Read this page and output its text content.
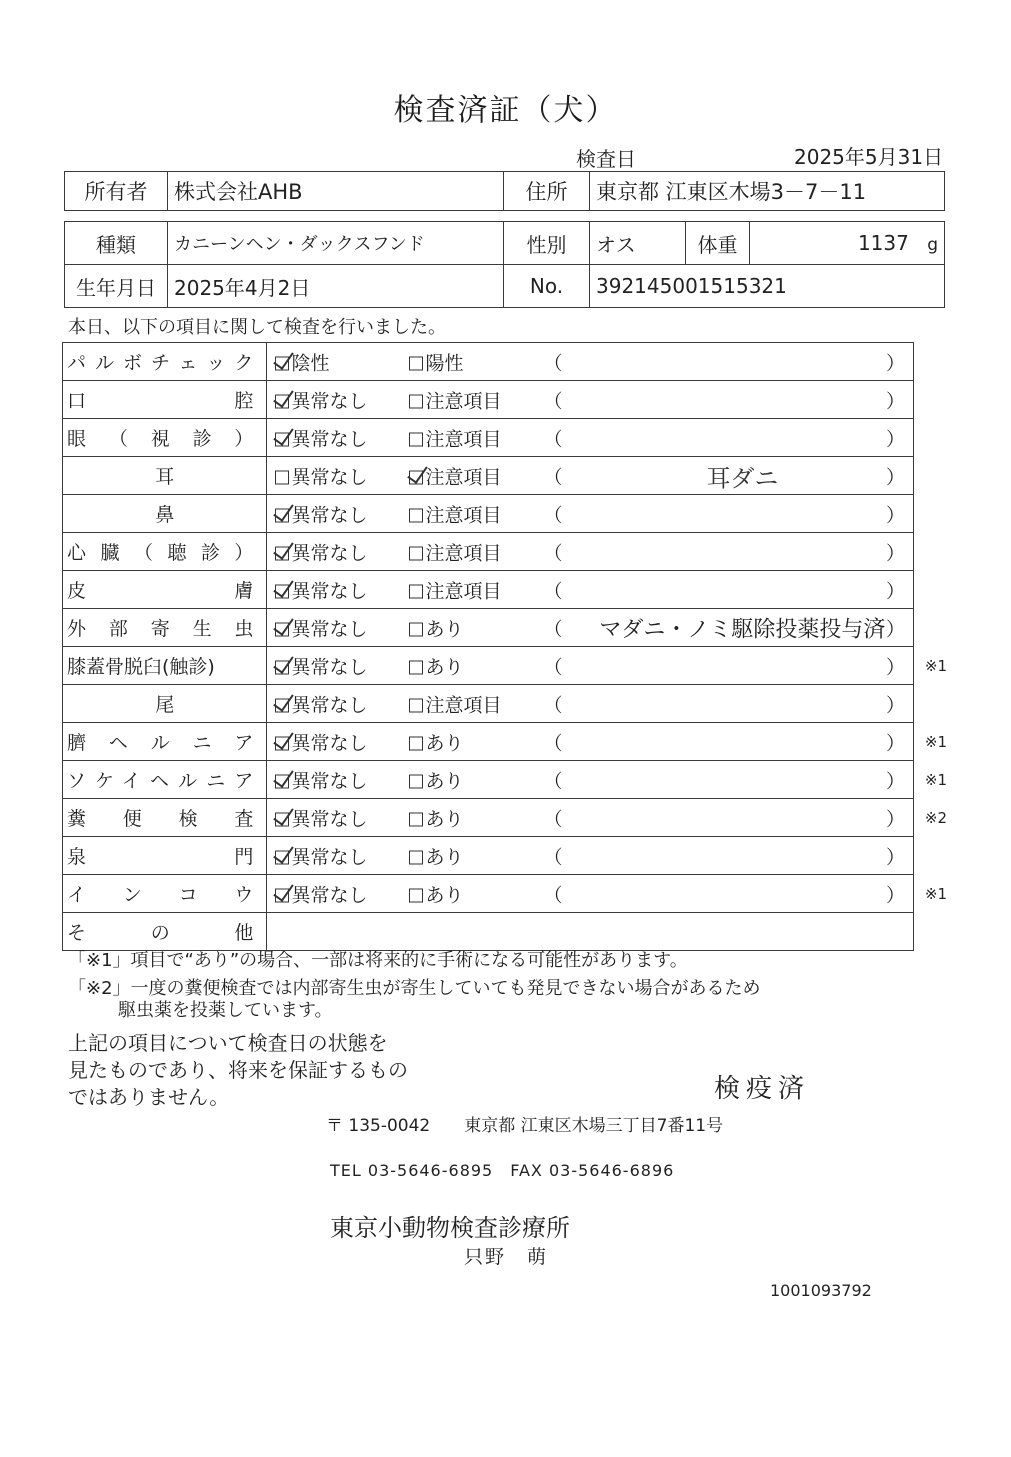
検査済証（犬）
検査日	2025年5月31日
所有者	株式会社AHB	住所	東京都 江東区木場3－7－11
種類	カニーンヘン・ダックスフンド	性別	オス	体重	1137 g
生年月日	2025年4月2日	No.	392145001515321		
本日、以下の項目に関して検査を行いました。
パルボチェック	陰性 陽性 （ ）

口腔	異常なし 注意項目 （ ）

眼（視診）	異常なし 注意項目 （ ）

耳	異常なし 注意項目 （ 耳ダニ ）

鼻	異常なし 注意項目 （ ）

心臓（聴診）	異常なし 注意項目 （ ）

皮膚	異常なし 注意項目 （ ）

外部寄生虫	異常なし あり （ マダニ・ノミ駆除投薬投与済 ）

膝蓋骨脱臼(触診)	異常なし あり （ ） ※1

尾	異常なし 注意項目 （ ）

臍ヘルニア	異常なし あり （ ） ※1

ソケイヘルニア	異常なし あり （ ） ※1

糞便検査	異常なし あり （ ） ※2

泉門	異常なし あり （ ）

インコウ	異常なし あり （ ） ※1

その他	
「※1」項目で“あり”の場合、一部は将来的に手術になる可能性があります。
「※2」一度の糞便検査では内部寄生虫が寄生していても発見できない場合があるため
駆虫薬を投薬しています。
上記の項目について検査日の状態を
見たものであり、将来を保証するもの
ではありません。	検疫済
〒 135-0042　　東京都 江東区木場三丁目7番11号
TEL 03-5646-6895　FAX 03-5646-6896
東京小動物検査診療所
只野　萌
1001093792
